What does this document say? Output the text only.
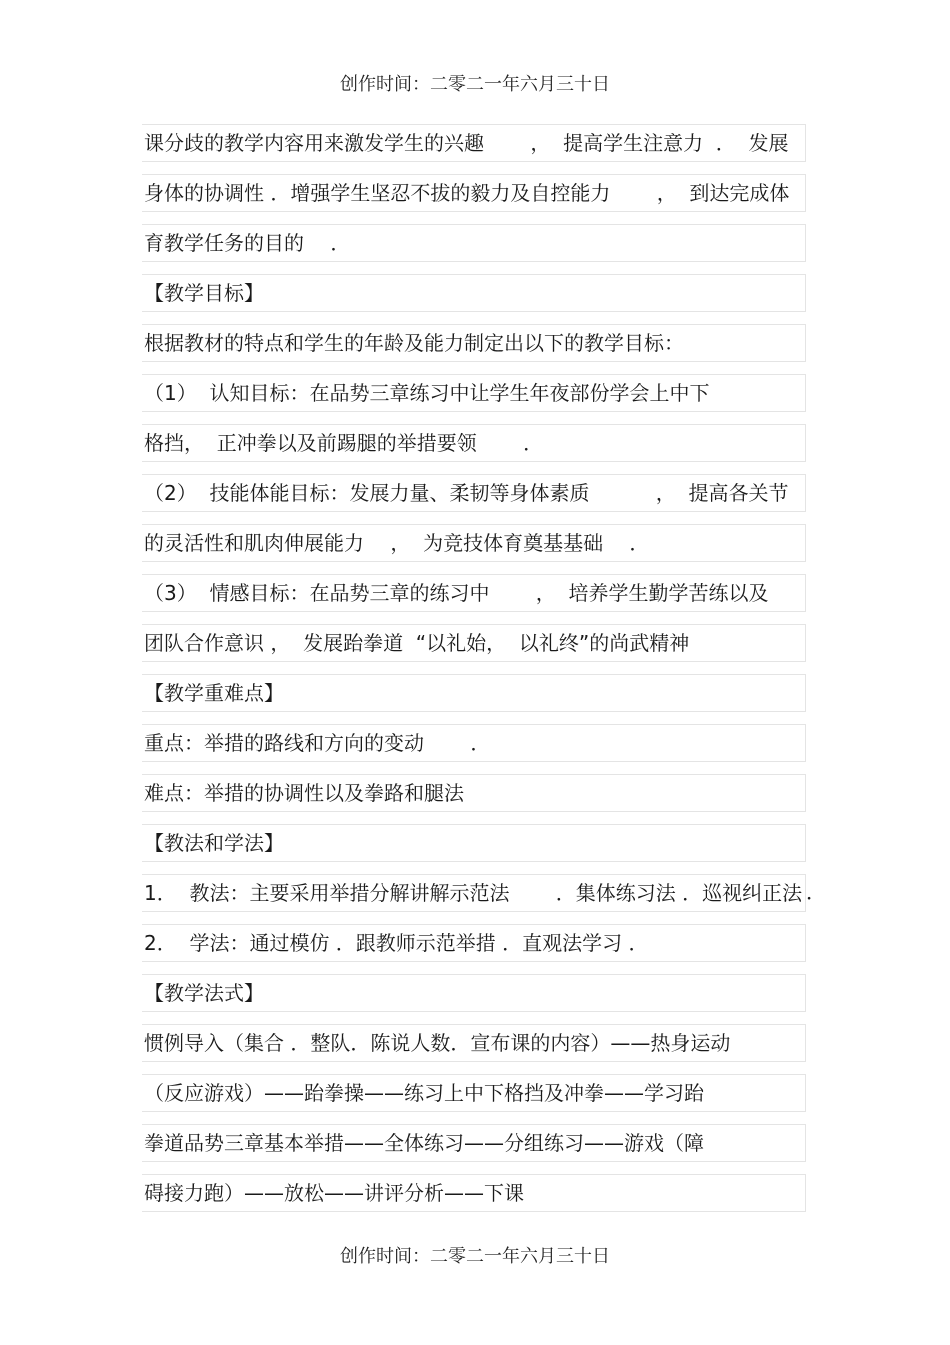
创作时间：二零二一年六月三十日
课分歧的教学内容用来激发学生的兴趣 　　，  提高学生注意力  ．  发展
身体的协调性 ．增强学生坚忍不拔的毅力及自控能力 　　，  到达完成体
育教学任务的目的 　．
【教学目标】
根据教材的特点和学生的年龄及能力制定出以下的教学目标：
（1）  认知目标：在品势三章练习中让学生年夜部份学会上中下
格挡，  正冲拳以及前踢腿的举措要领 　　．
（2）  技能体能目标：发展力量、柔韧等身体素质 　　　，  提高各关节
的灵活性和肌肉伸展能力 　，  为竞技体育奠基基础 　．
（3）  情感目标：在品势三章的练习中 　　，  培养学生勤学苦练以及
团队合作意识 ，  发展跆拳道  “以礼始，  以礼终”的尚武精神
【教学重难点】
重点：举措的路线和方向的变动 　　．
难点：举措的协调性以及拳路和腿法
【教法和学法】
1．  教法：主要采用举措分解讲解示范法 　　．集体练习法 ．巡视纠正法 ．
2．  学法：通过模仿 ．跟教师示范举措 ．直观法学习 ．
【教学法式】
惯例导入（集合 ．整队．陈说人数．宣布课的内容）——热身运动
（反应游戏）——跆拳操——练习上中下格挡及冲拳——学习跆
拳道品势三章基本举措——全体练习——分组练习——游戏（障
碍接力跑）——放松——讲评分析——下课
创作时间：二零二一年六月三十日
